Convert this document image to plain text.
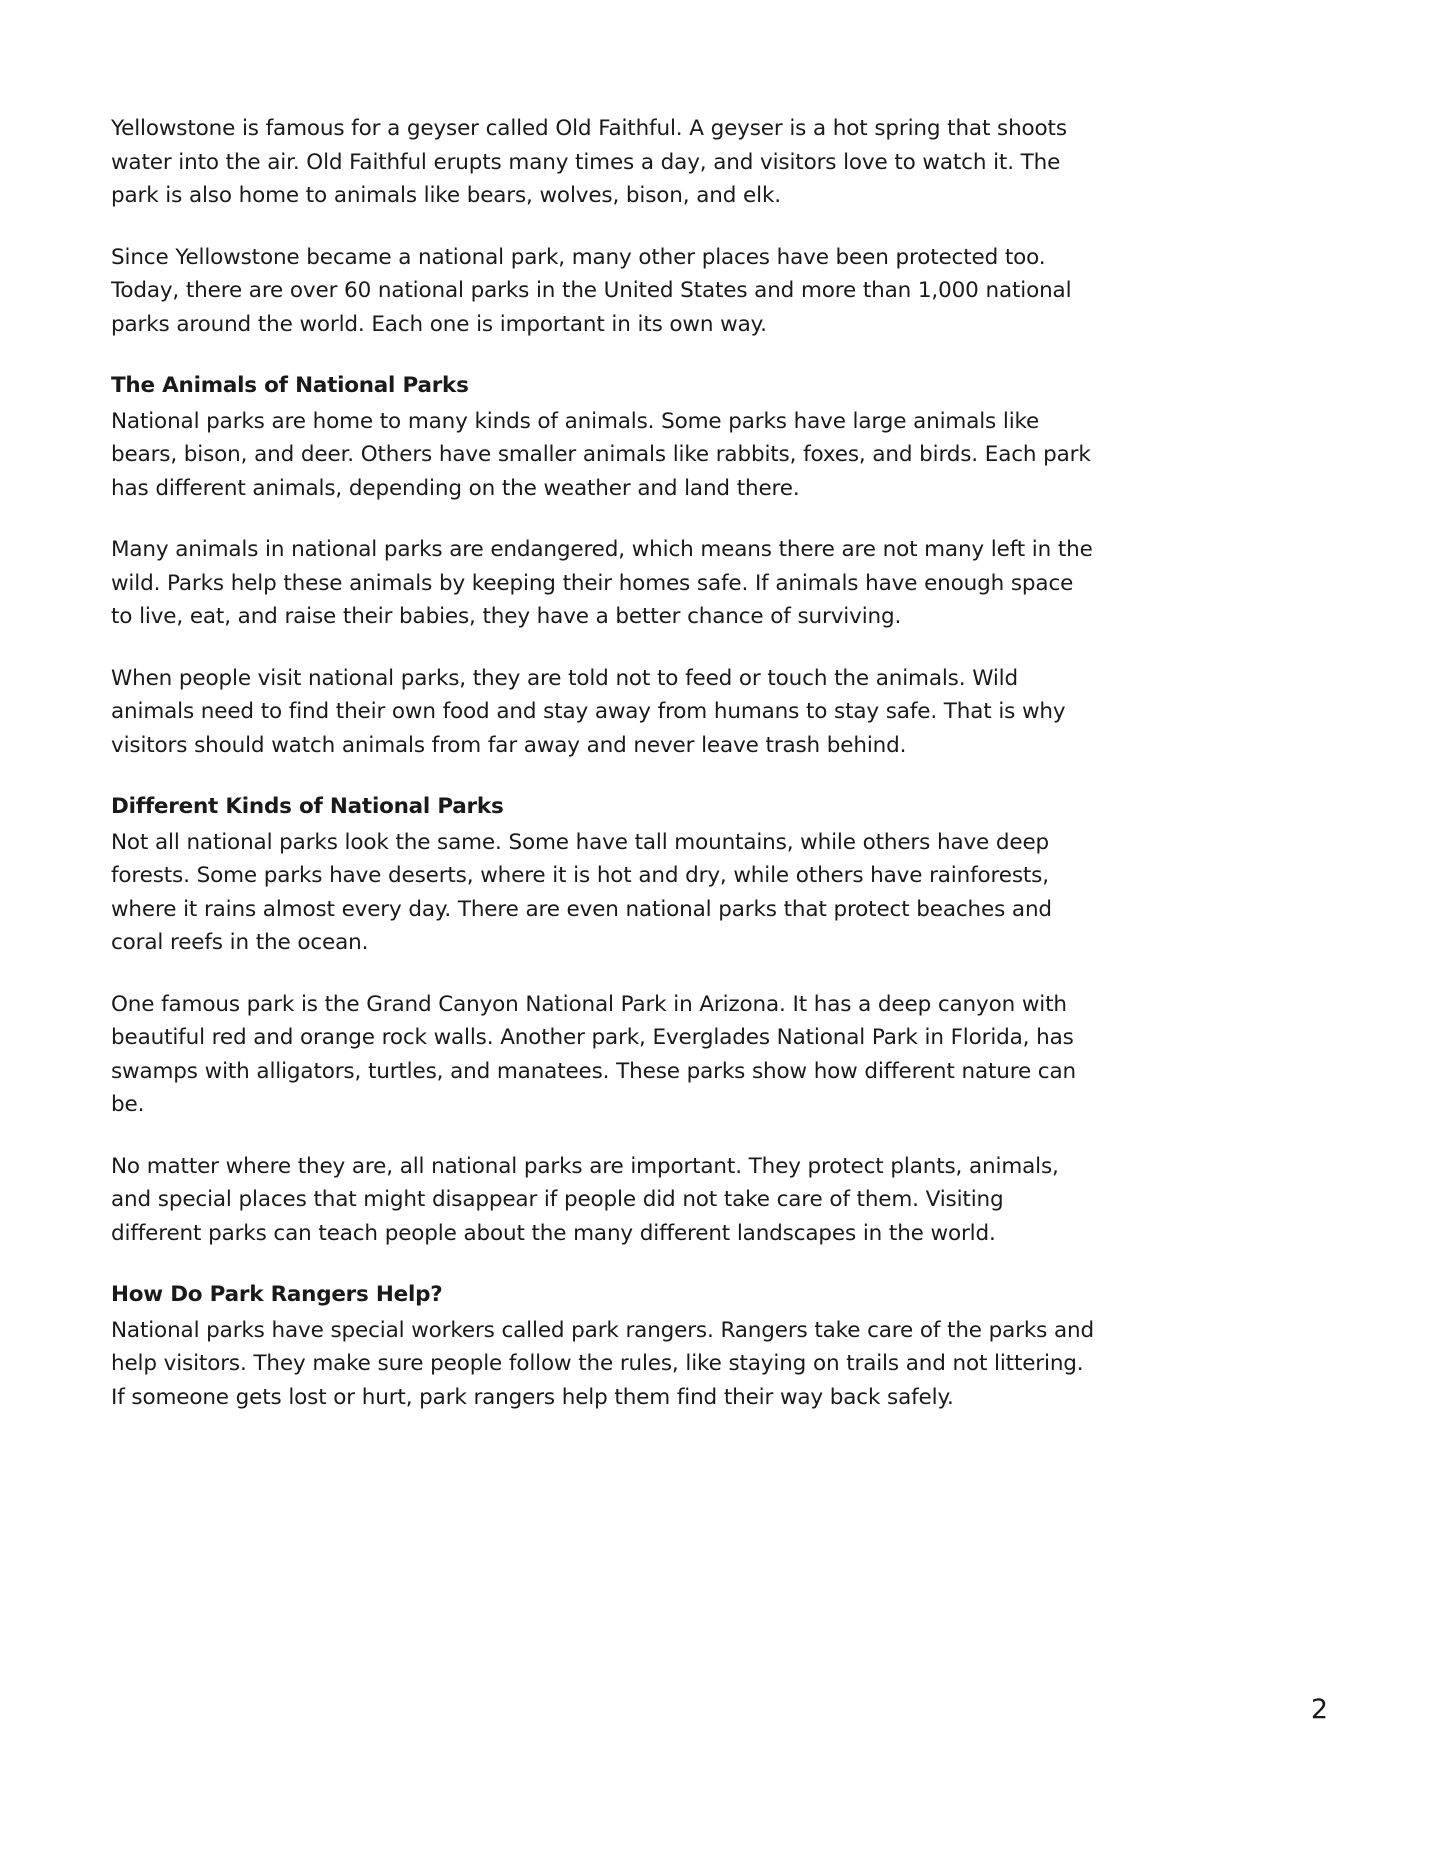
Yellowstone is famous for a geyser called Old Faithful. A geyser is a hot spring that shoots water into the air. Old Faithful erupts many times a day, and visitors love to watch it. The park is also home to animals like bears, wolves, bison, and elk.

Since Yellowstone became a national park, many other places have been protected too. Today, there are over 60 national parks in the United States and more than 1,000 national parks around the world. Each one is important in its own way.

The Animals of National Parks

National parks are home to many kinds of animals. Some parks have large animals like bears, bison, and deer. Others have smaller animals like rabbits, foxes, and birds. Each park has different animals, depending on the weather and land there.

Many animals in national parks are endangered, which means there are not many left in the wild. Parks help these animals by keeping their homes safe. If animals have enough space to live, eat, and raise their babies, they have a better chance of surviving.

When people visit national parks, they are told not to feed or touch the animals. Wild animals need to find their own food and stay away from humans to stay safe. That is why visitors should watch animals from far away and never leave trash behind.

Different Kinds of National Parks

Not all national parks look the same. Some have tall mountains, while others have deep forests. Some parks have deserts, where it is hot and dry, while others have rainforests, where it rains almost every day. There are even national parks that protect beaches and coral reefs in the ocean.

One famous park is the Grand Canyon National Park in Arizona. It has a deep canyon with beautiful red and orange rock walls. Another park, Everglades National Park in Florida, has swamps with alligators, turtles, and manatees. These parks show how different nature can be.

No matter where they are, all national parks are important. They protect plants, animals, and special places that might disappear if people did not take care of them. Visiting different parks can teach people about the many different landscapes in the world.

How Do Park Rangers Help?

National parks have special workers called park rangers. Rangers take care of the parks and help visitors. They make sure people follow the rules, like staying on trails and not littering. If someone gets lost or hurt, park rangers help them find their way back safely.

2
